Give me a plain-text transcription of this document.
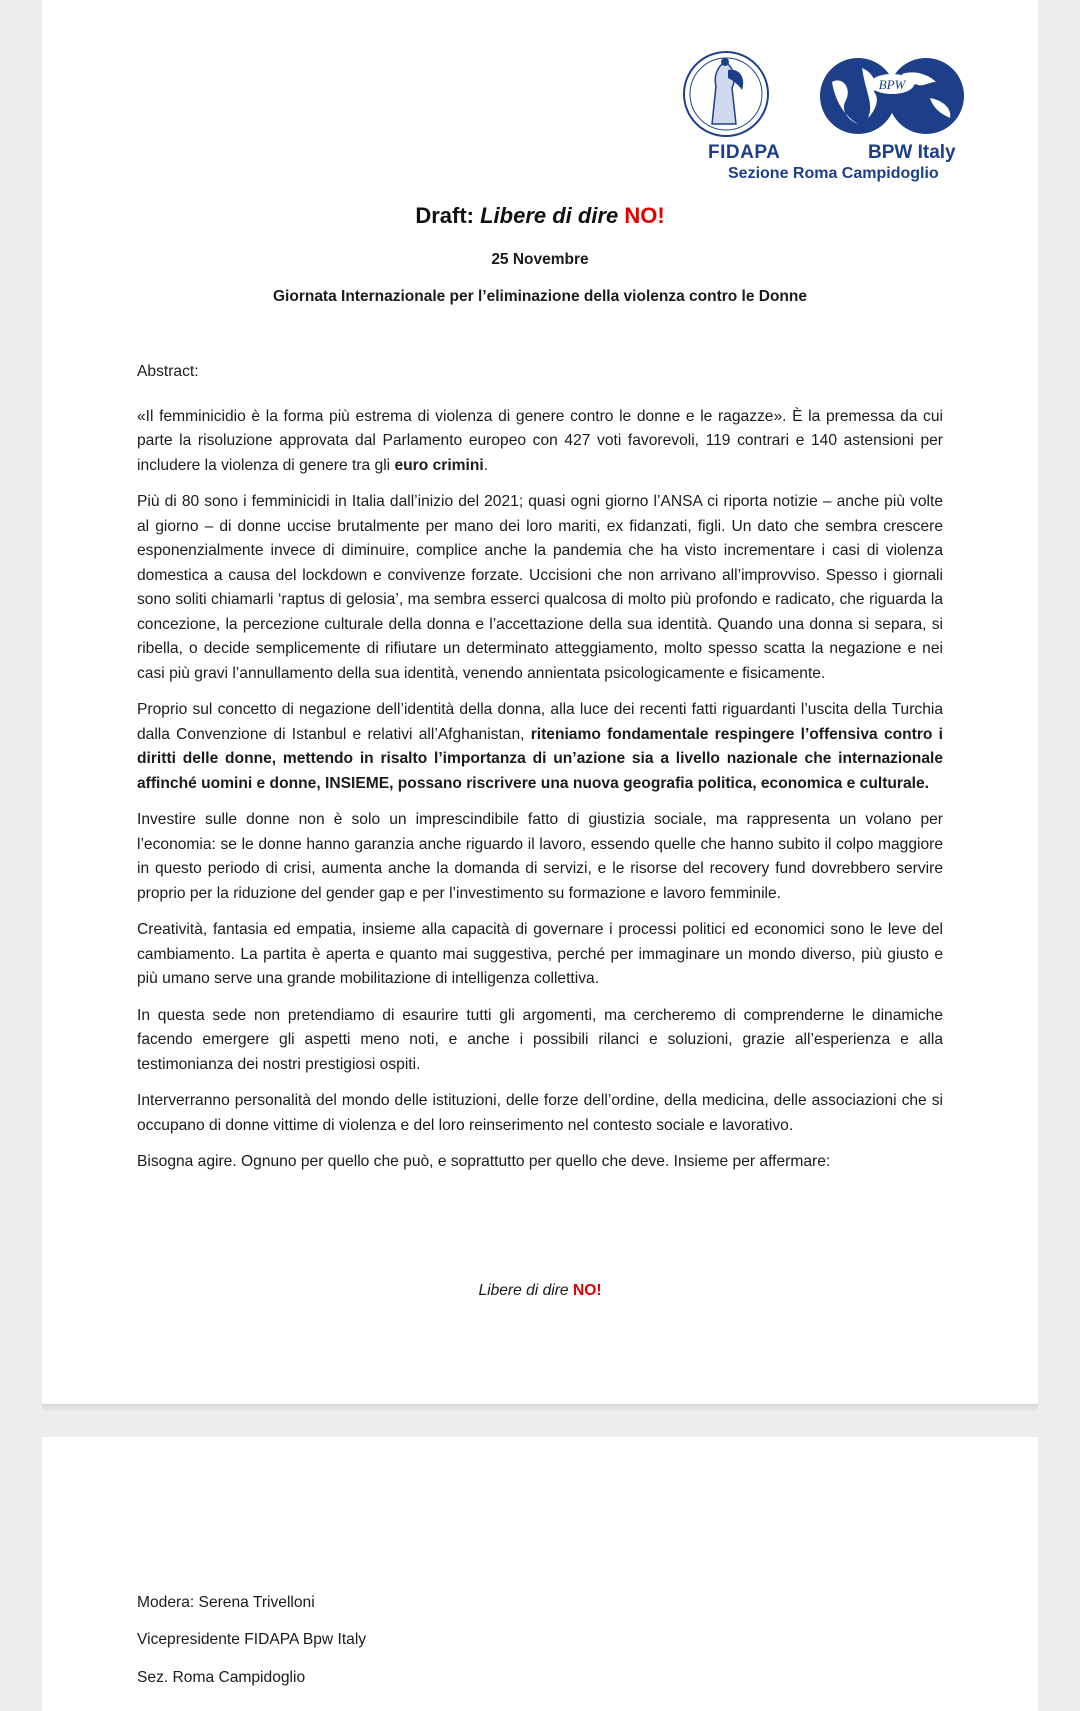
BPW
FIDAPA	BPW Italy
Sezione Roma Campidoglio
Draft: Libere di dire NO!
25 Novembre
Giornata Internazionale per l’eliminazione della violenza contro le Donne

Abstract:

«Il femminicidio è la forma più estrema di violenza di genere contro le donne e le ragazze». È la premessa da cui parte la risoluzione approvata dal Parlamento europeo con 427 voti favorevoli, 119 contrari e 140 astensioni per includere la violenza di genere tra gli euro crimini.

Più di 80 sono i femminicidi in Italia dall’inizio del 2021; quasi ogni giorno l’ANSA ci riporta notizie – anche più volte al giorno – di donne uccise brutalmente per mano dei loro mariti, ex fidanzati, figli. Un dato che sembra crescere esponenzialmente invece di diminuire, complice anche la pandemia che ha visto incrementare i casi di violenza domestica a causa del lockdown e convivenze forzate. Uccisioni che non arrivano all’improvviso. Spesso i giornali sono soliti chiamarli ‘raptus di gelosia’, ma sembra esserci qualcosa di molto più profondo e radicato, che riguarda la concezione, la percezione culturale della donna e l’accettazione della sua identità. Quando una donna si separa, si ribella, o decide semplicemente di rifiutare un determinato atteggiamento, molto spesso scatta la negazione e nei casi più gravi l’annullamento della sua identità, venendo annientata psicologicamente e fisicamente.

Proprio sul concetto di negazione dell’identità della donna, alla luce dei recenti fatti riguardanti l’uscita della Turchia dalla Convenzione di Istanbul e relativi all’Afghanistan, riteniamo fondamentale respingere l’offensiva contro i diritti delle donne, mettendo in risalto l’importanza di un’azione sia a livello nazionale che internazionale affinché uomini e donne, INSIEME, possano riscrivere una nuova geografia politica, economica e culturale.

Investire sulle donne non è solo un imprescindibile fatto di giustizia sociale, ma rappresenta un volano per l’economia: se le donne hanno garanzia anche riguardo il lavoro, essendo quelle che hanno subito il colpo maggiore in questo periodo di crisi, aumenta anche la domanda di servizi, e le risorse del recovery fund dovrebbero servire proprio per la riduzione del gender gap e per l’investimento su formazione e lavoro femminile.

Creatività, fantasia ed empatia, insieme alla capacità di governare i processi politici ed economici sono le leve del cambiamento. La partita è aperta e quanto mai suggestiva, perché per immaginare un mondo diverso, più giusto e più umano serve una grande mobilitazione di intelligenza collettiva.

In questa sede non pretendiamo di esaurire tutti gli argomenti, ma cercheremo di comprenderne le dinamiche facendo emergere gli aspetti meno noti, e anche i possibili rilanci e soluzioni, grazie all’esperienza e alla testimonianza dei nostri prestigiosi ospiti.

Interverranno personalità del mondo delle istituzioni, delle forze dell’ordine, della medicina, delle associazioni che si occupano di donne vittime di violenza e del loro reinserimento nel contesto sociale e lavorativo.

Bisogna agire. Ognuno per quello che può, e soprattutto per quello che deve. Insieme per affermare:

Libere di dire NO!
Modera: Serena Trivelloni
Vicepresidente FIDAPA Bpw Italy
Sez. Roma Campidoglio
